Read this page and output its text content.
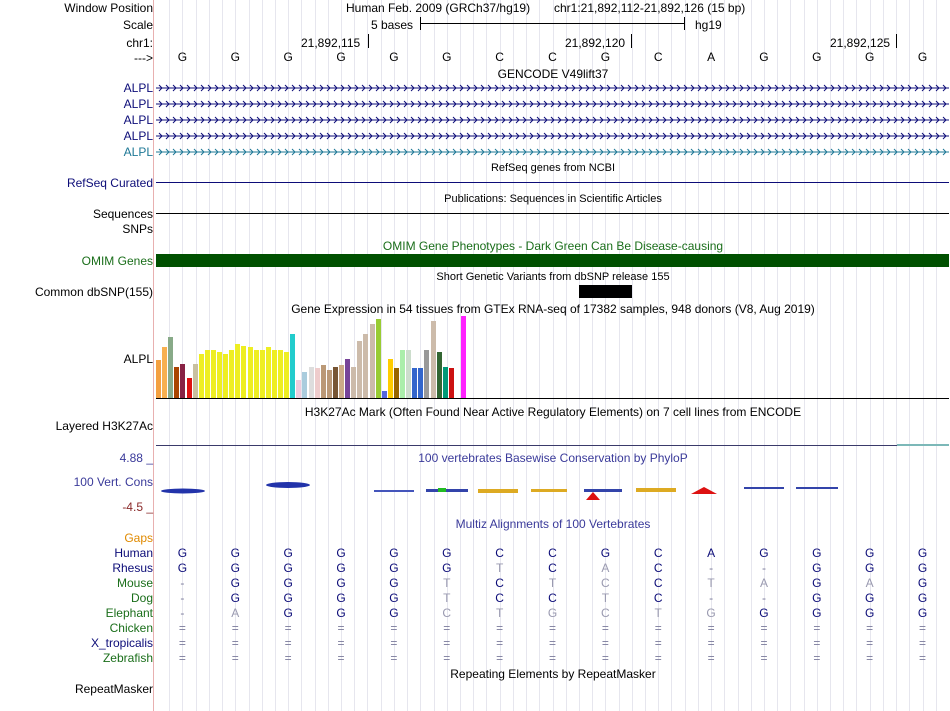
Window Position	Human Feb. 2009 (GRCh37/hg19) chr1:21,892,112-21,892,126 (15 bp)
Scale	5 bases	hg19
chr1:	21,892,115	21,892,120	21,892,125
---> G	G	G	G	G	G	C	C	G	C	A	G	G	G	G
GENCODE V49lift37
ALPL
ALPL
ALPL
ALPL
ALPL
RefSeq genes from NCBI
RefSeq Curated
Publications: Sequences in Scientific Articles
Sequences
SNPs
OMIM Gene Phenotypes - Dark Green Can Be Disease-causing
OMIM Genes
Short Genetic Variants from dbSNP release 155
Common dbSNP(155)
Gene Expression in 54 tissues from GTEx RNA-seq of 17382 samples, 948 donors (V8, Aug 2019)
ALPL
H3K27Ac Mark (Often Found Near Active Regulatory Elements) on 7 cell lines from ENCODE
Layered H3K27Ac
100 vertebrates Basewise Conservation by PhyloP
4.88 _
100 Vert. Cons
-4.5 _
Multiz Alignments of 100 Vertebrates
Gaps
Human G	G	G	G	G	G	C	C	G	C	A	G	G	G	G
Rhesus G	G	G	G	G	G	T	C	A	C	-	-	G	G	G
Mouse	-	G	G	G	G	T	C	T	C	C	T	A	G	A	G
Dog	-	G	G	G	G	T	C	C	T	C	-	-	G	G	G
Elephant	-	A	G	G	G	C	T	G	C	T	G	G	G	G	G
Chicken =	=	=	=	=	=	=	=	=	=	=	=	=	=	=
X_tropicalis =	=	=	=	=	=	=	=	=	=	=	=	=	=	=
Zebrafish =	=	=	=	=	=	=	=	=	=	=	=	=	=	=
Repeating Elements by RepeatMasker
RepeatMasker
